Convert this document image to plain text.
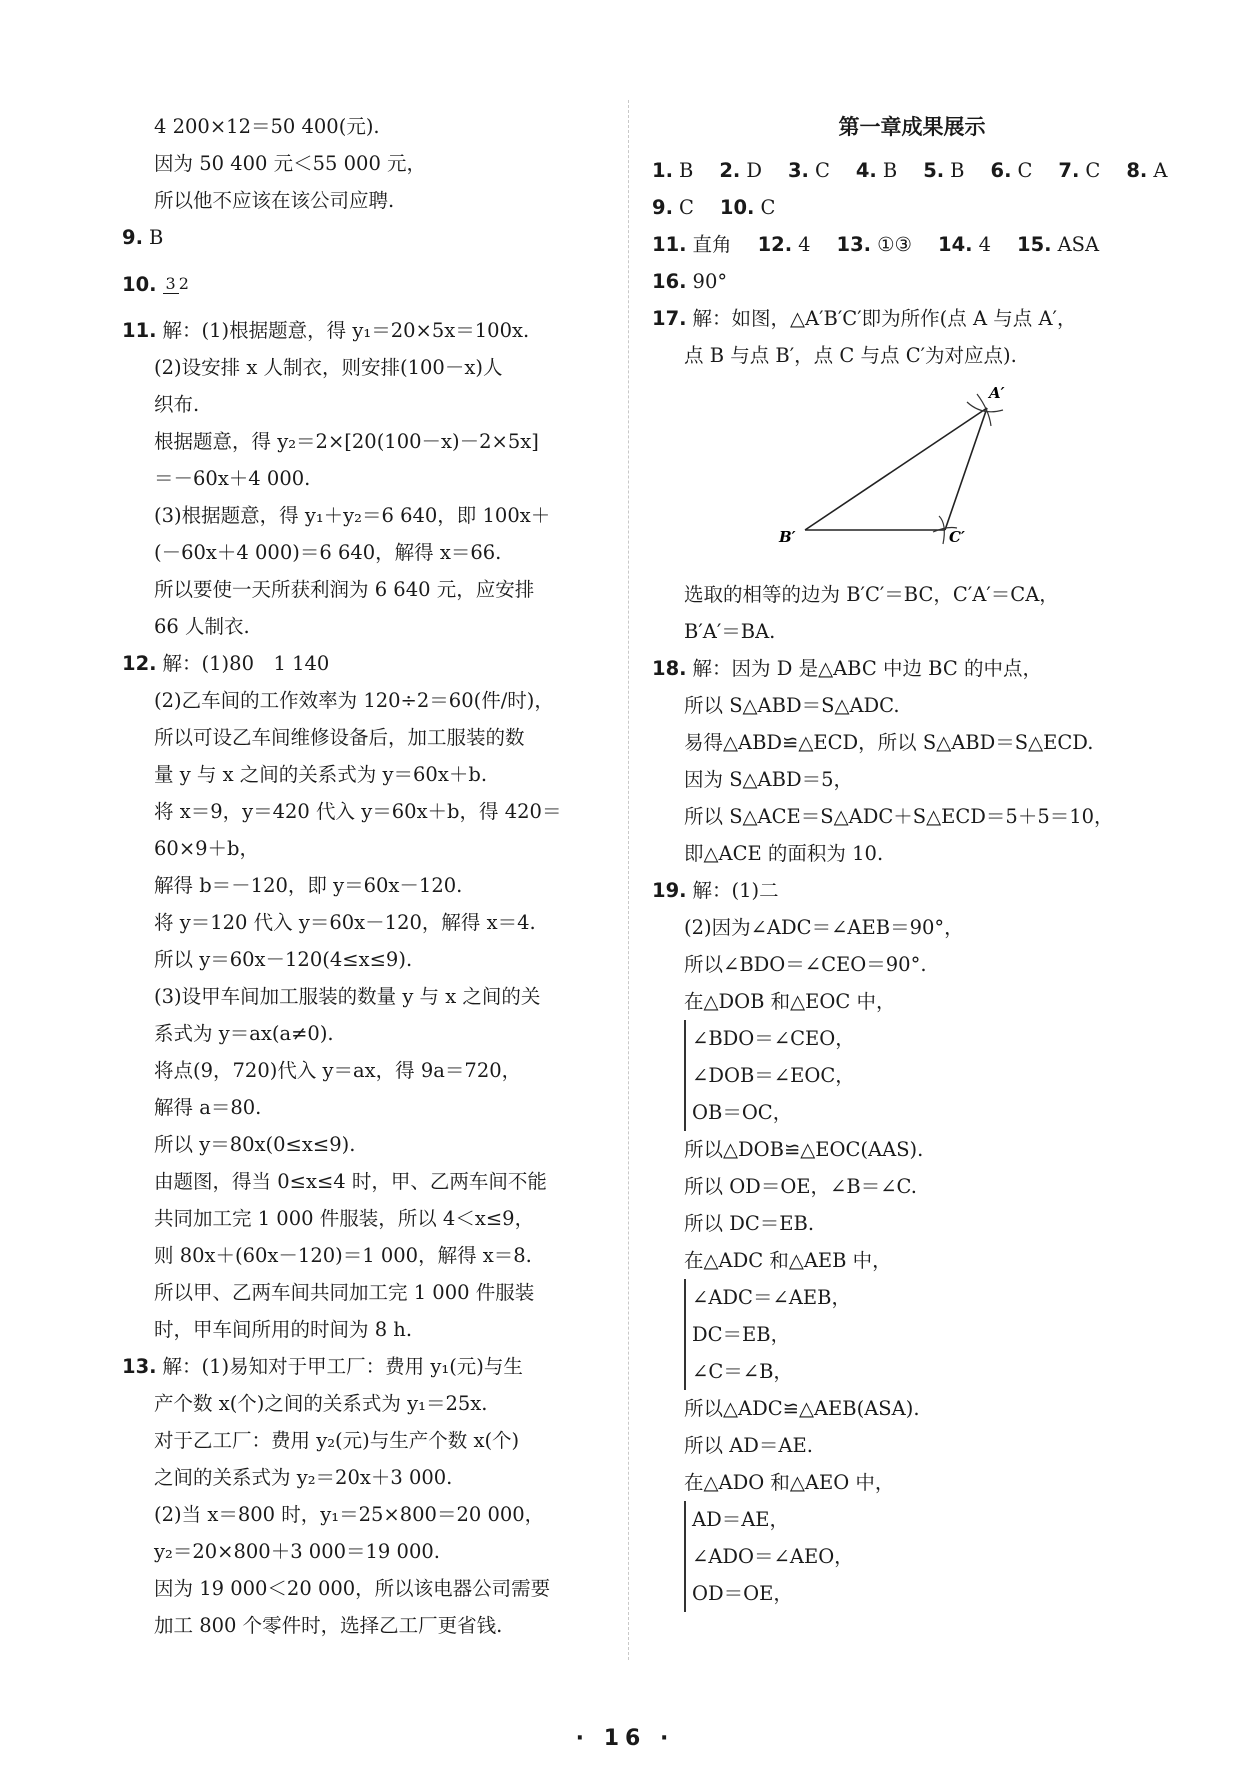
4 200×12＝50 400(元).
因为 50 400 元＜55 000 元，
所以他不应该在该公司应聘.
9. B
10. 3 2
11. 解：(1)根据题意，得 y₁＝20×5x＝100x.
(2)设安排 x 人制衣，则安排(100－x)人
织布.
根据题意，得 y₂＝2×[20(100－x)－2×5x]
＝－60x＋4 000.
(3)根据题意，得 y₁＋y₂＝6 640，即 100x＋
(－60x＋4 000)＝6 640，解得 x＝66.
所以要使一天所获利润为 6 640 元，应安排
66 人制衣.
12. 解：(1)80　1 140
(2)乙车间的工作效率为 120÷2＝60(件/时)，
所以可设乙车间维修设备后，加工服装的数
量 y 与 x 之间的关系式为 y＝60x＋b.
将 x＝9，y＝420 代入 y＝60x＋b，得 420＝
60×9＋b，
解得 b＝－120，即 y＝60x－120.
将 y＝120 代入 y＝60x－120，解得 x＝4.
所以 y＝60x－120(4≤x≤9).
(3)设甲车间加工服装的数量 y 与 x 之间的关
系式为 y＝ax(a≠0).
将点(9，720)代入 y＝ax，得 9a＝720，
解得 a＝80.
所以 y＝80x(0≤x≤9).
由题图，得当 0≤x≤4 时，甲、乙两车间不能
共同加工完 1 000 件服装，所以 4＜x≤9，
则 80x＋(60x－120)＝1 000，解得 x＝8.
所以甲、乙两车间共同加工完 1 000 件服装
时，甲车间所用的时间为 8 h.
13. 解：(1)易知对于甲工厂：费用 y₁(元)与生
产个数 x(个)之间的关系式为 y₁＝25x.
对于乙工厂：费用 y₂(元)与生产个数 x(个)
之间的关系式为 y₂＝20x＋3 000.
(2)当 x＝800 时，y₁＝25×800＝20 000，
y₂＝20×800＋3 000＝19 000.
因为 19 000＜20 000，所以该电器公司需要
加工 800 个零件时，选择乙工厂更省钱.
第一章成果展示
1. B 2. D 3. C 4. B 5. B 6. C 7. C 8. A
9. C 10. C
11. 直角 12. 4 13. ①③ 14. 4 15. ASA
16. 90°
17. 解：如图，△A′B′C′即为所作(点 A 与点 A′，
点 B 与点 B′，点 C 与点 C′为对应点).
A′
B′	C′
选取的相等的边为 B′C′＝BC，C′A′＝CA，
B′A′＝BA.
18. 解：因为 D 是△ABC 中边 BC 的中点，
所以 S△ABD＝S△ADC.
易得△ABD≌△ECD，所以 S△ABD＝S△ECD.
因为 S△ABD＝5，
所以 S△ACE＝S△ADC＋S△ECD＝5＋5＝10，
即△ACE 的面积为 10.
19. 解：(1)二
(2)因为∠ADC＝∠AEB＝90°，
所以∠BDO＝∠CEO＝90°.
在△DOB 和△EOC 中，
∠BDO＝∠CEO，
∠DOB＝∠EOC，
OB＝OC，
所以△DOB≌△EOC(AAS).
所以 OD＝OE，∠B＝∠C.
所以 DC＝EB.
在△ADC 和△AEB 中，
∠ADC＝∠AEB，
DC＝EB，
∠C＝∠B，
所以△ADC≌△AEB(ASA).
所以 AD＝AE.
在△ADO 和△AEO 中，
AD＝AE，
∠ADO＝∠AEO，
OD＝OE，
· 16 ·
